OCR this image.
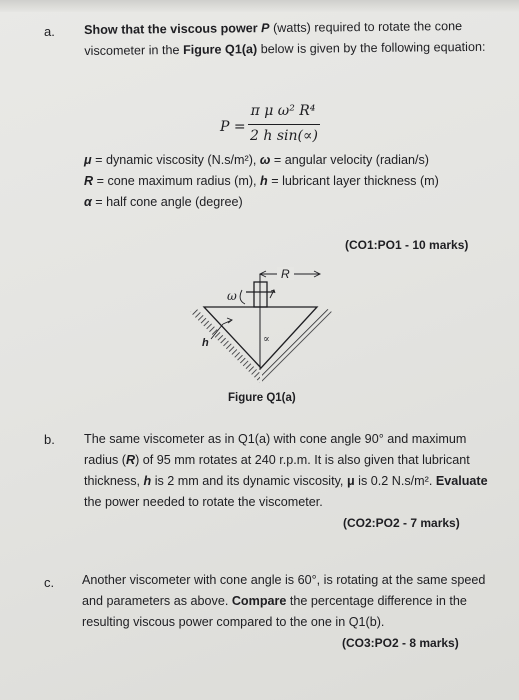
a. Show that the viscous power P (watts) required to rotate the cone
viscometer in the Figure Q1(a) below is given by the following equation:
P =
π μ ω² R⁴
2 h sin(∝)
μ = dynamic viscosity (N.s/m²), ω = angular velocity (radian/s)
R = cone maximum radius (m), h = lubricant layer thickness (m)
α = half cone angle (degree)
(CO1:PO1 - 10 marks)
R
ω
h	∝
Figure Q1(a)
b. The same viscometer as in Q1(a) with cone angle 90° and maximum
radius (R) of 95 mm rotates at 240 r.p.m. It is also given that lubricant
thickness, h is 2 mm and its dynamic viscosity, μ is 0.2 N.s/m². Evaluate
the power needed to rotate the viscometer.
(CO2:PO2 - 7 marks)
c. Another viscometer with cone angle is 60°, is rotating at the same speed
and parameters as above. Compare the percentage difference in the
resulting viscous power compared to the one in Q1(b).
(CO3:PO2 - 8 marks)
